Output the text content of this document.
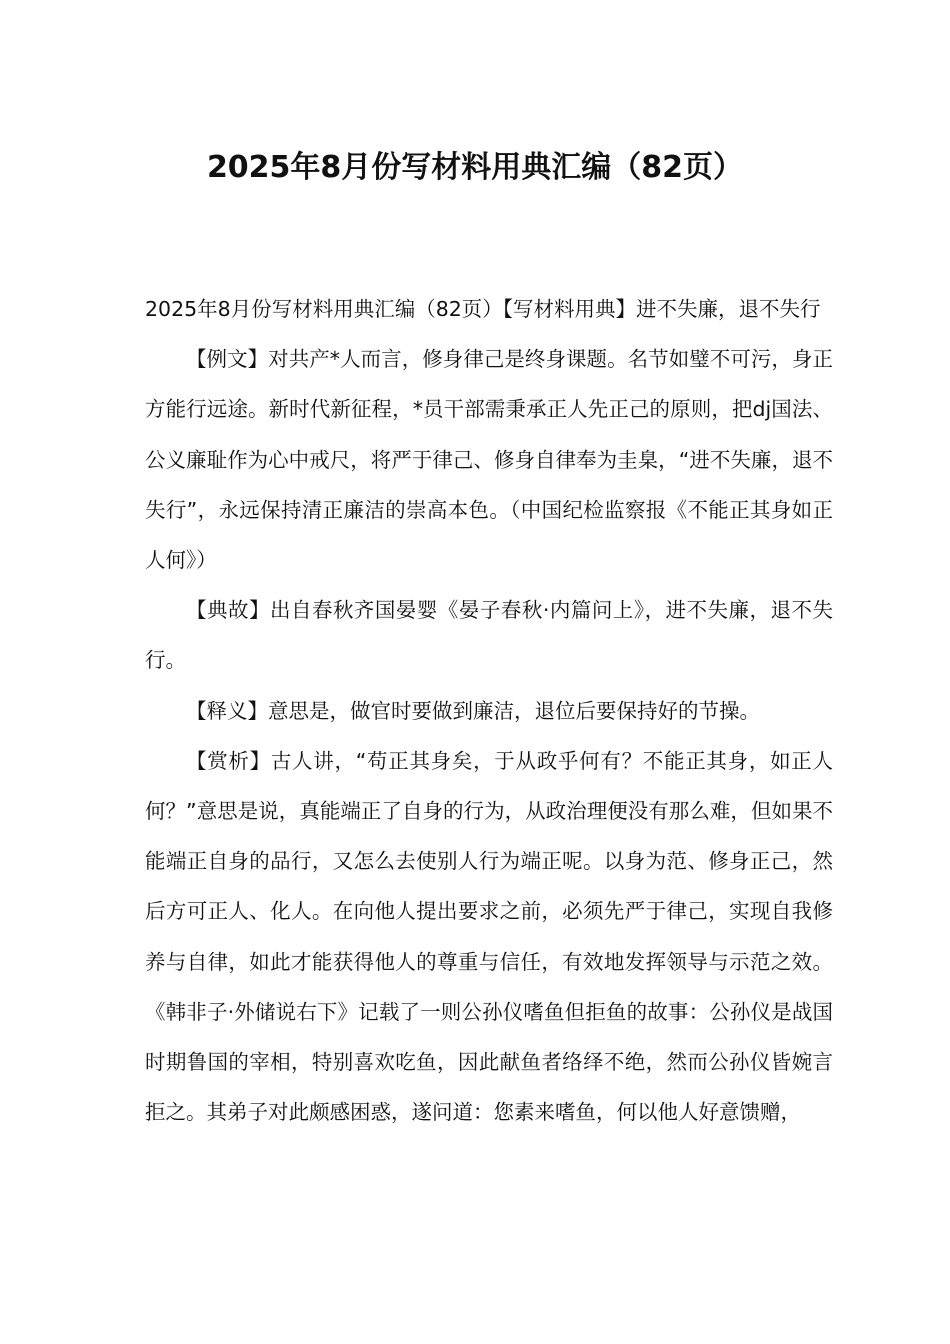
2025年8月份写材料用典汇编（82页）

2025年8月份写材料用典汇编（82页）【写材料用典】进不失廉，退不失行

【例文】对共产*人而言，修身律己是终身课题。名节如璧不可污，身正方能行远途。新时代新征程，*员干部需秉承正人先正己的原则，把dj国法、公义廉耻作为心中戒尺，将严于律己、修身自律奉为圭臬，“进不失廉，退不失行”，永远保持清正廉洁的崇高本色。（中国纪检监察报《不能正其身如正人何》）

【典故】出自春秋齐国晏婴《晏子春秋·内篇问上》，进不失廉，退不失行。

【释义】意思是，做官时要做到廉洁，退位后要保持好的节操。

【赏析】古人讲，“苟正其身矣，于从政乎何有？不能正其身，如正人何？”意思是说，真能端正了自身的行为，从政治理便没有那么难，但如果不能端正自身的品行，又怎么去使别人行为端正呢。以身为范、修身正己，然后方可正人、化人。在向他人提出要求之前，必须先严于律己，实现自我修养与自律，如此才能获得他人的尊重与信任，有效地发挥领导与示范之效。《韩非子·外储说右下》记载了一则公孙仪嗜鱼但拒鱼的故事：公孙仪是战国时期鲁国的宰相，特别喜欢吃鱼，因此献鱼者络绎不绝，然而公孙仪皆婉言拒之。其弟子对此颇感困惑，遂问道：您素来嗜鱼，何以他人好意馈赠，
